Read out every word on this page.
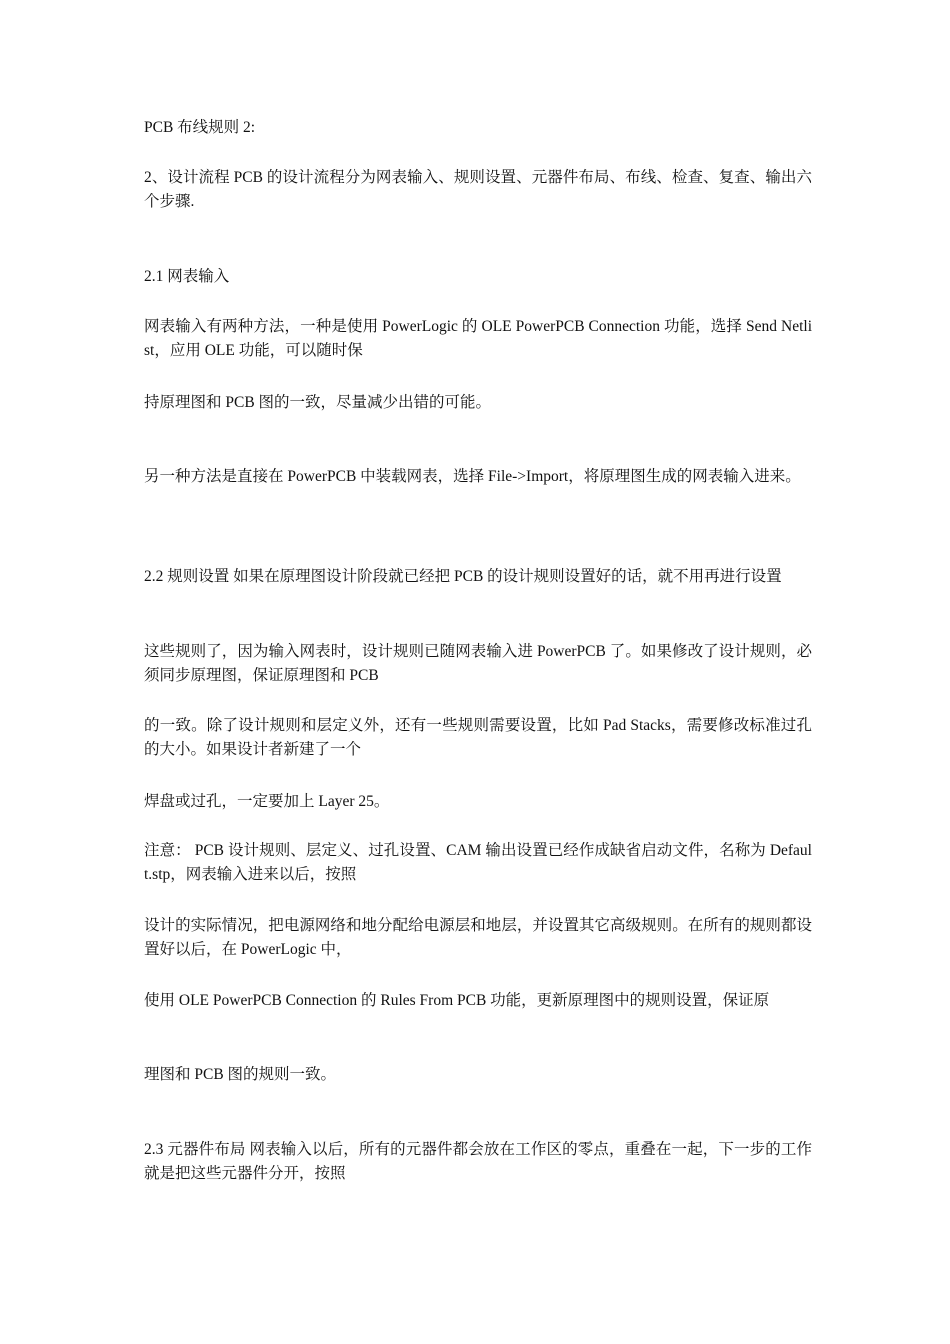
PCB 布线规则 2:
2、设计流程 PCB 的设计流程分为网表输入、规则设置、元器件布局、布线、检查、复查、输出六个步骤.
2.1 网表输入
网表输入有两种方法，一种是使用 PowerLogic 的 OLE PowerPCB Connection 功能，选择 Send Netlist，应用 OLE 功能，可以随时保
持原理图和 PCB 图的一致，尽量减少出错的可能。
另一种方法是直接在 PowerPCB 中装载网表，选择 File->Import，将原理图生成的网表输入进来。
2.2 规则设置 如果在原理图设计阶段就已经把 PCB 的设计规则设置好的话，就不用再进行设置
这些规则了，因为输入网表时，设计规则已随网表输入进 PowerPCB 了。如果修改了设计规则，必须同步原理图，保证原理图和 PCB
的一致。除了设计规则和层定义外，还有一些规则需要设置，比如 Pad Stacks，需要修改标准过孔的大小。如果设计者新建了一个
焊盘或过孔，一定要加上 Layer 25。
注意： PCB 设计规则、层定义、过孔设置、CAM 输出设置已经作成缺省启动文件，名称为 Default.stp，网表输入进来以后，按照
设计的实际情况，把电源网络和地分配给电源层和地层，并设置其它高级规则。在所有的规则都设置好以后，在 PowerLogic 中，
使用 OLE PowerPCB Connection 的 Rules From PCB 功能，更新原理图中的规则设置，保证原
理图和 PCB 图的规则一致。
2.3 元器件布局 网表输入以后，所有的元器件都会放在工作区的零点，重叠在一起，下一步的工作就是把这些元器件分开，按照
